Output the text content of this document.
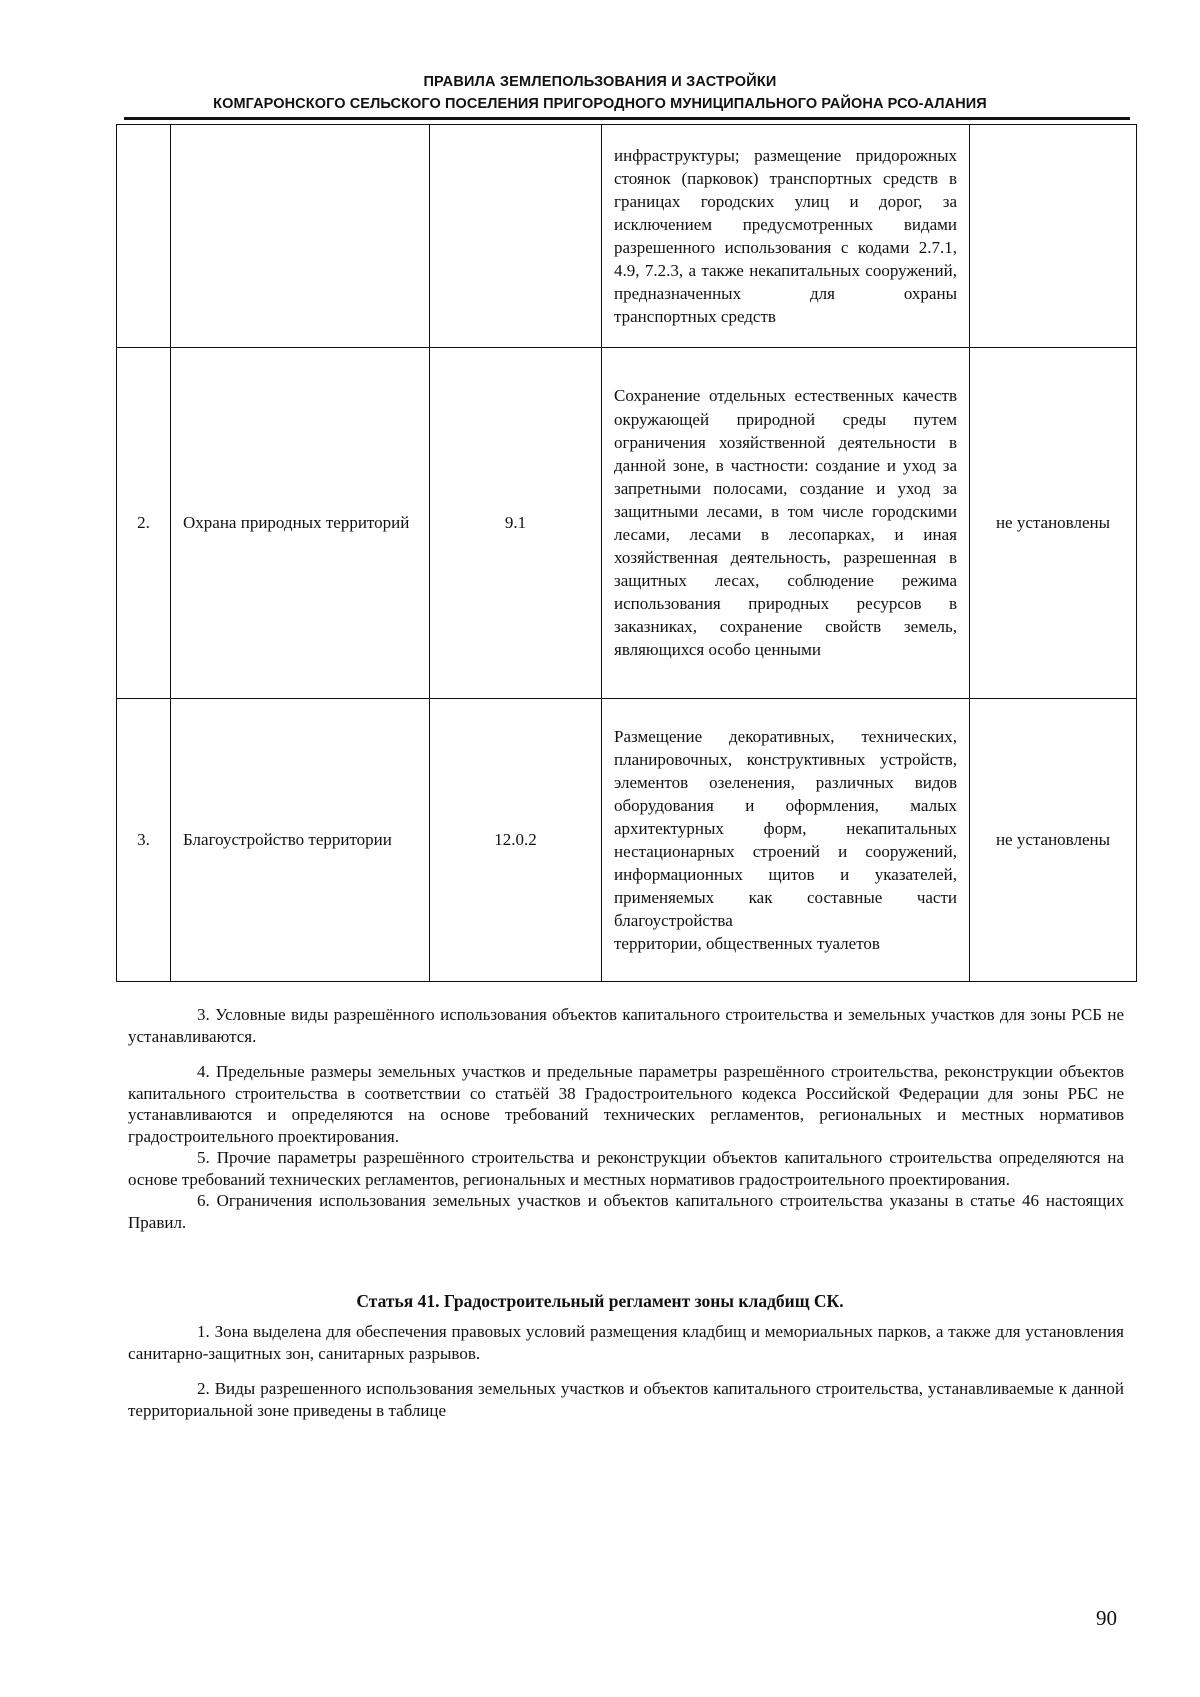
ПРАВИЛА ЗЕМЛЕПОЛЬЗОВАНИЯ И ЗАСТРОЙКИ
КОМГАРОНСКОГО СЕЛЬСКОГО ПОСЕЛЕНИЯ ПРИГОРОДНОГО МУНИЦИПАЛЬНОГО РАЙОНА РСО-АЛАНИЯ
			инфраструктуры; размещение придорожных стоянок (парковок) транспортных средств в границах городских улиц и дорог, за исключением предусмотренных видами разрешенного использования с кодами 2.7.1, 4.9, 7.2.3, а также некапитальных сооружений, предназначенных для охраны
транспортных средств	

2.	Охрана природных территорий	9.1	Сохранение отдельных естественных качеств окружающей природной среды путем ограничения хозяйственной деятельности в данной зоне, в частности: создание и уход за запретными полосами, создание и уход за защитными лесами, в том числе городскими лесами, лесами в лесопарках, и иная хозяйственная деятельность, разрешенная в защитных лесах, соблюдение режима использования природных ресурсов в заказниках, сохранение свойств земель,
являющихся особо ценными	не установлены
3.	Благоустройство территории	12.0.2	Размещение декоративных, технических, планировочных, конструктивных устройств, элементов озеленения, различных видов оборудования и оформления, малых архитектурных форм, некапитальных нестационарных строений и сооружений, информационных щитов и указателей, применяемых как составные части благоустройства
территории, общественных туалетов	не установлены

3. Условные виды разрешённого использования объектов капитального строительства и земельных участков для зоны РСБ не устанавливаются.

4. Предельные размеры земельных участков и предельные параметры разрешённого строительства, реконструкции объектов капитального строительства в соответствии со статьёй 38 Градостроительного кодекса Российской Федерации для зоны РБС не устанавливаются и определяются на основе требований технических регламентов, региональных и местных нормативов градостроительного проектирования.

5. Прочие параметры разрешённого строительства и реконструкции объектов капитального строительства определяются на основе требований технических регламентов, региональных и местных нормативов градостроительного проектирования.

6. Ограничения использования земельных участков и объектов капитального строительства указаны в статье 46 настоящих Правил.

Статья 41. Градостроительный регламент зоны кладбищ СК.

1. Зона выделена для обеспечения правовых условий размещения кладбищ и мемориальных парков, а также для установления санитарно-защитных зон, санитарных разрывов.

2. Виды разрешенного использования земельных участков и объектов капитального строительства, устанавливаемые к данной территориальной зоне приведены в таблице

90
